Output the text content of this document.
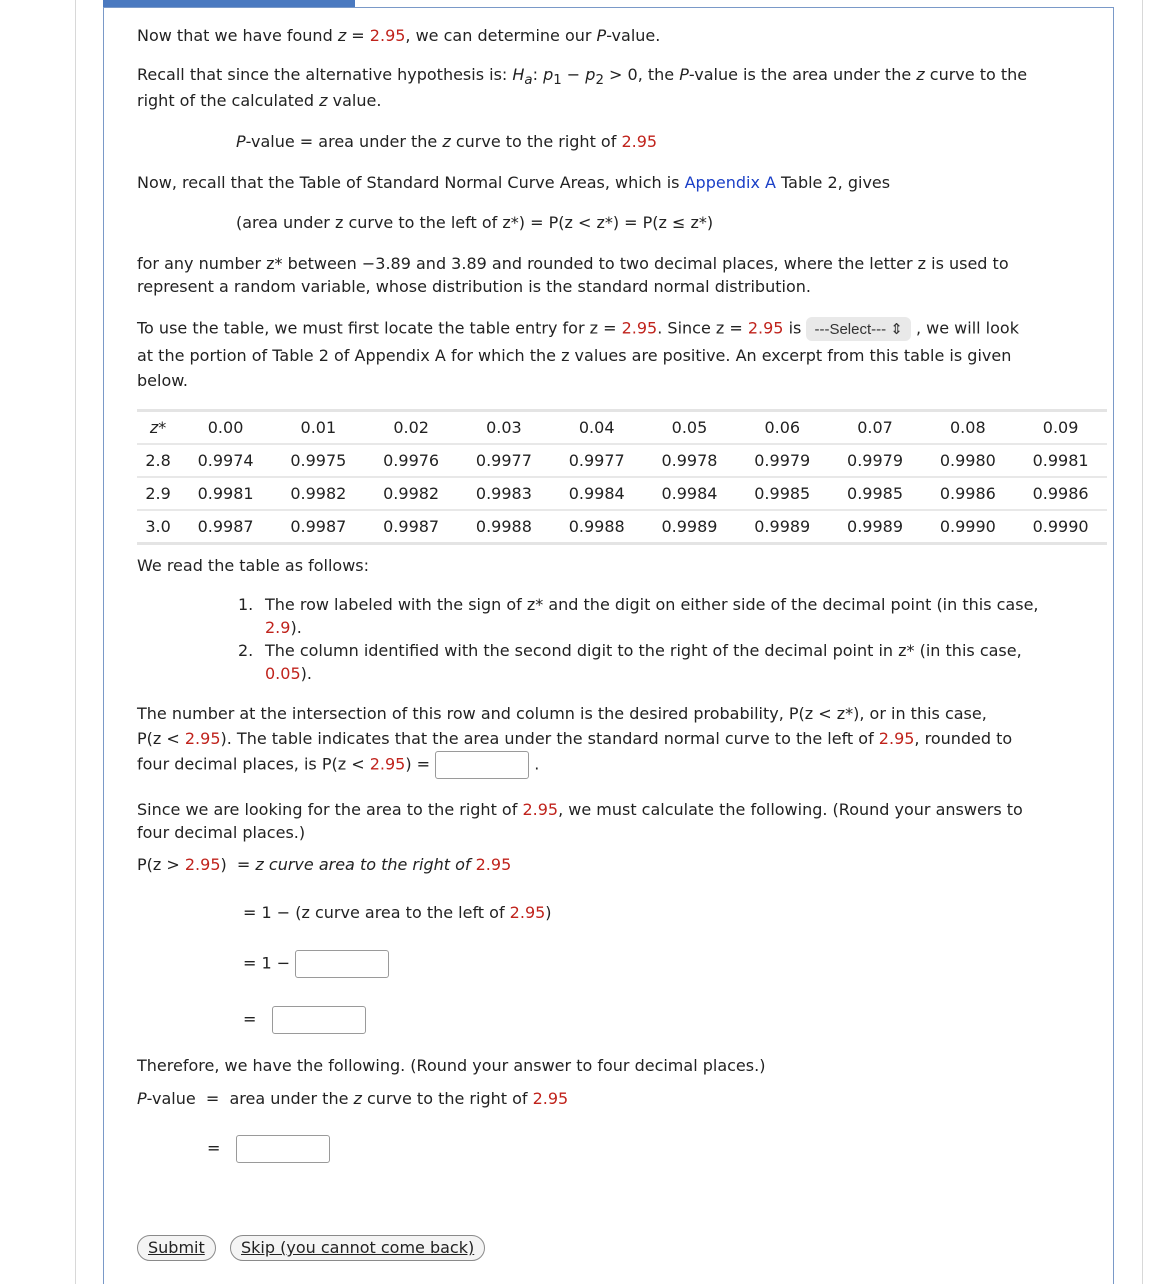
Now that we have found z = 2.95, we can determine our P-value.
Recall that since the alternative hypothesis is: $H_a$: $p_1 - p_2 > 0$, the P-value is the area under the z curve to the
right of the calculated z value.
P-value = area under the z curve to the right of 2.95
Now, recall that the Table of Standard Normal Curve Areas, which is Appendix A Table 2, gives
(area under z curve to the left of z*) = P(z < z*) = P(z ≤ z*)
for any number z* between −3.89 and 3.89 and rounded to two decimal places, where the letter z is used to
represent a random variable, whose distribution is the standard normal distribution.
To use the table, we must first locate the table entry for z = 2.95. Since z = 2.95 is ---Select--- ⇕ , we will look
at the portion of Table 2 of Appendix A for which the z values are positive. An excerpt from this table is given
below.
z*	0.00	0.01	0.02	0.03	0.04	0.05	0.06	0.07	0.08	0.09
2.8	0.9974	0.9975	0.9976	0.9977	0.9977	0.9978	0.9979	0.9979	0.9980	0.9981
2.9	0.9981	0.9982	0.9982	0.9983	0.9984	0.9984	0.9985	0.9985	0.9986	0.9986
3.0	0.9987	0.9987	0.9987	0.9988	0.9988	0.9989	0.9989	0.9989	0.9990	0.9990
We read the table as follows:
1. The row labeled with the sign of z* and the digit on either side of the decimal point (in this case,
2.9).
2. The column identified with the second digit to the right of the decimal point in z* (in this case,
0.05).
The number at the intersection of this row and column is the desired probability, P(z < z*), or in this case,
P(z < 2.95). The table indicates that the area under the standard normal curve to the left of 2.95, rounded to
four decimal places, is P(z < 2.95) =	.
Since we are looking for the area to the right of 2.95, we must calculate the following. (Round your answers to
four decimal places.)
P(z > 2.95) = z curve area to the right of 2.95
= 1 − (z curve area to the left of 2.95)
= 1 −
=
Therefore, we have the following. (Round your answer to four decimal places.)
P-value = area under the z curve to the right of 2.95
=
Submit	Skip (you cannot come back)
